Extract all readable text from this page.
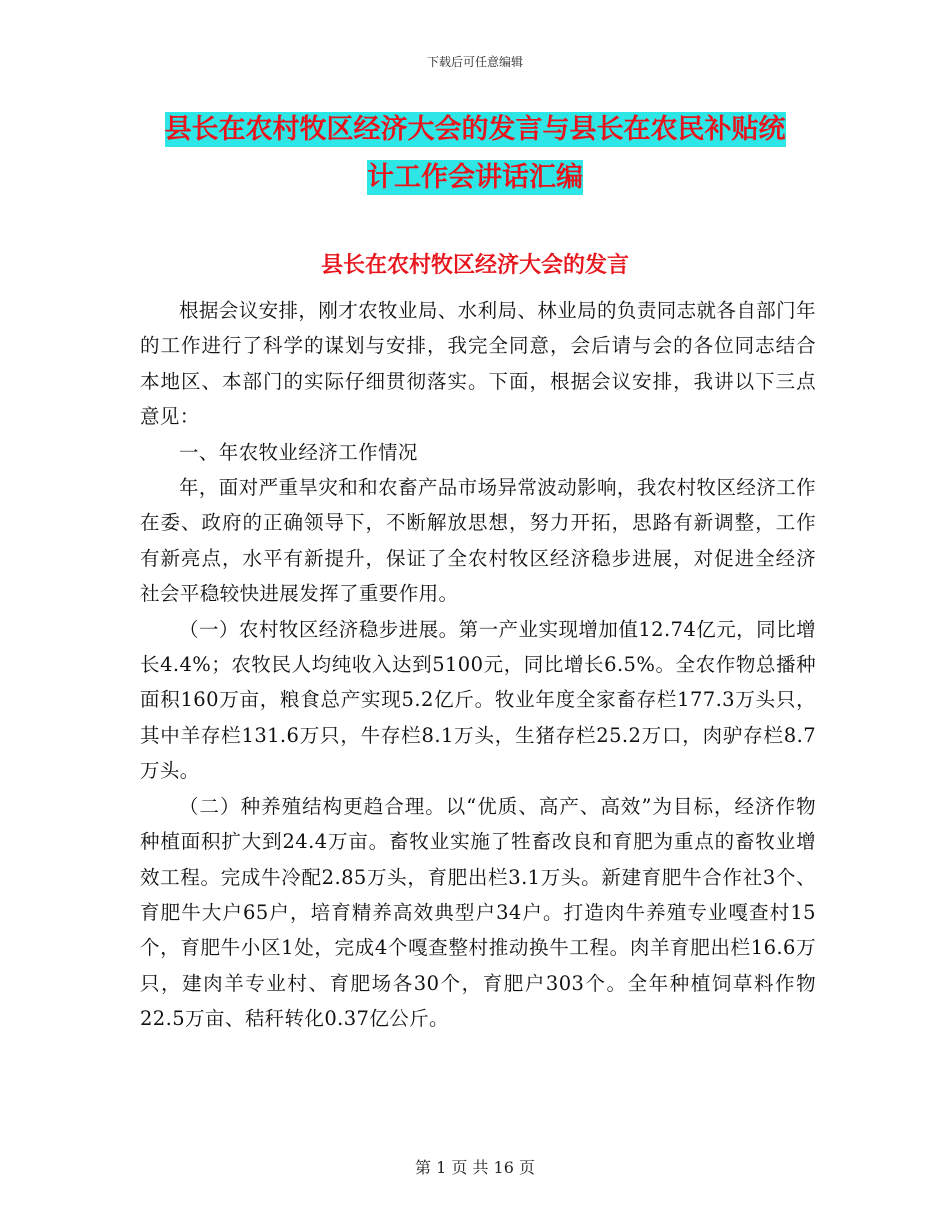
下载后可任意编辑
县长在农村牧区经济大会的发言与县长在农民补贴统
计工作会讲话汇编
县长在农村牧区经济大会的发言

根据会议安排，刚才农牧业局、水利局、林业局的负责同志就各自部门年的工作进行了科学的谋划与安排，我完全同意，会后请与会的各位同志结合本地区、本部门的实际仔细贯彻落实。下面，根据会议安排，我讲以下三点意见：

一、年农牧业经济工作情况

年，面对严重旱灾和和农畜产品市场异常波动影响，我农村牧区经济工作在委、政府的正确领导下，不断解放思想，努力开拓，思路有新调整，工作有新亮点，水平有新提升，保证了全农村牧区经济稳步进展，对促进全经济社会平稳较快进展发挥了重要作用。

（一）农村牧区经济稳步进展。第一产业实现增加值12.74亿元，同比增长4.4%；农牧民人均纯收入达到5100元，同比增长6.5%。全农作物总播种面积160万亩，粮食总产实现5.2亿斤。牧业年度全家畜存栏177.3万头只，其中羊存栏131.6万只，牛存栏8.1万头，生猪存栏25.2万口，肉驴存栏8.7万头。

（二）种养殖结构更趋合理。以“优质、高产、高效”为目标，经济作物种植面积扩大到24.4万亩。畜牧业实施了牲畜改良和育肥为重点的畜牧业增效工程。完成牛冷配2.85万头，育肥出栏3.1万头。新建育肥牛合作社3个、育肥牛大户65户，培育精养高效典型户34户。打造肉牛养殖专业嘎查村15个，育肥牛小区1处，完成4个嘎查整村推动换牛工程。肉羊育肥出栏16.6万只，建肉羊专业村、育肥场各30个，育肥户303个。全年种植饲草料作物22.5万亩、秸秆转化0.37亿公斤。

第 1 页 共 16 页
